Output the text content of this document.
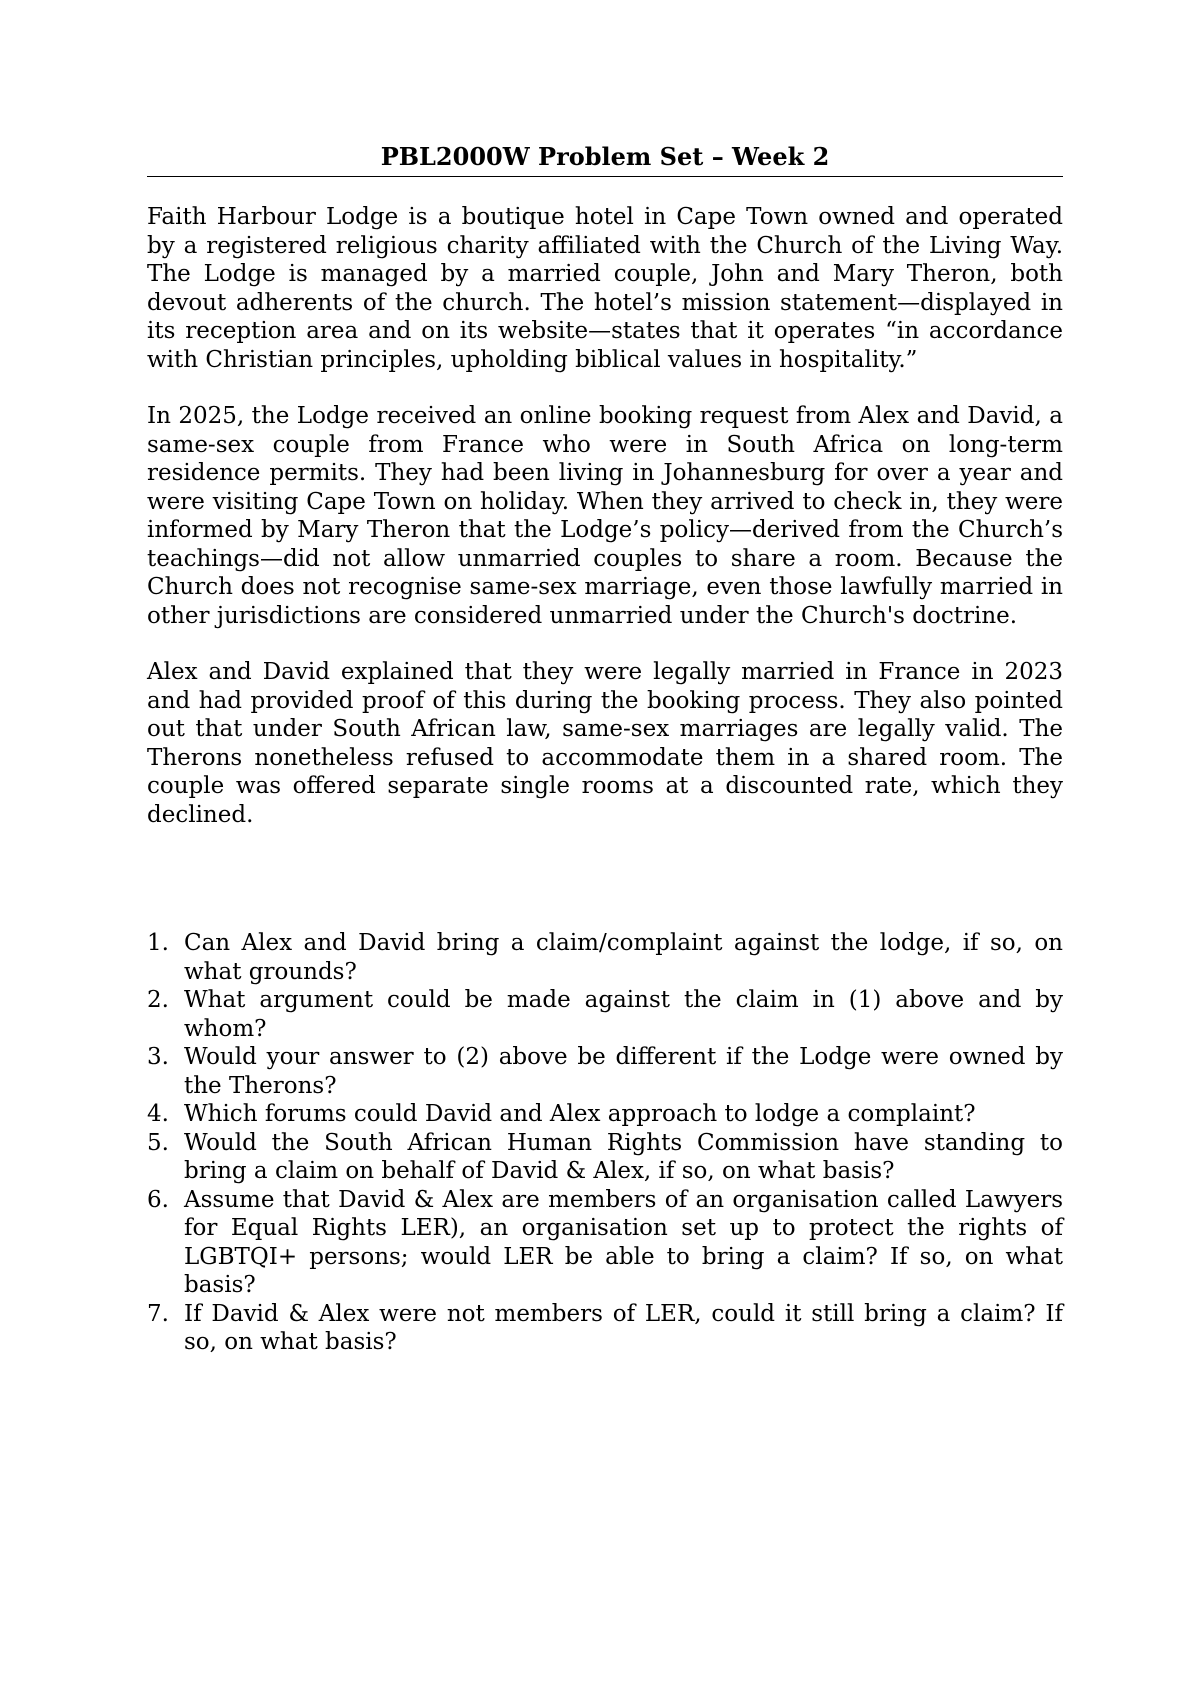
PBL2000W Problem Set – Week 2

Faith Harbour Lodge is a boutique hotel in Cape Town owned and operated by a registered religious charity affiliated with the Church of the Living Way. The Lodge is managed by a married couple, John and Mary Theron, both devout adherents of the church. The hotel’s mission statement—displayed in its reception area and on its website—states that it operates “in accordance with Christian principles, upholding biblical values in hospitality.”

In 2025, the Lodge received an online booking request from Alex and David, a same-sex couple from France who were in South Africa on long-term residence permits. They had been living in Johannesburg for over a year and were visiting Cape Town on holiday. When they arrived to check in, they were informed by Mary Theron that the Lodge’s policy—derived from the Church’s teachings—did not allow unmarried couples to share a room. Because the Church does not recognise same-sex marriage, even those lawfully married in other jurisdictions are considered unmarried under the Church's doctrine.

Alex and David explained that they were legally married in France in 2023 and had provided proof of this during the booking process. They also pointed out that under South African law, same-sex marriages are legally valid. The Therons nonetheless refused to accommodate them in a shared room. The couple was offered separate single rooms at a discounted rate, which they declined.

1. Can Alex and David bring a claim/complaint against the lodge, if so, on what grounds?
2. What argument could be made against the claim in (1) above and by whom?
3. Would your answer to (2) above be different if the Lodge were owned by the Therons?
4. Which forums could David and Alex approach to lodge a complaint?
5. Would the South African Human Rights Commission have standing to bring a claim on behalf of David & Alex, if so, on what basis?
6. Assume that David & Alex are members of an organisation called Lawyers for Equal Rights LER), an organisation set up to protect the rights of LGBTQI+ persons; would LER be able to bring a claim? If so, on what basis?
7. If David & Alex were not members of LER, could it still bring a claim? If so, on what basis?
